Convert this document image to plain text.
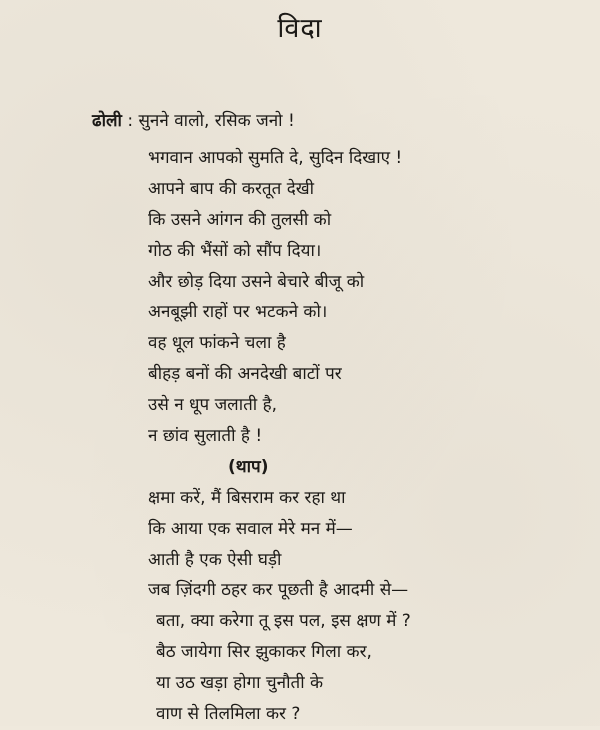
विदा
ढोली : सुनने वालो, रसिक जनो !
भगवान आपको सुमति दे, सुदिन दिखाए !
आपने बाप की करतूत देखी
कि उसने आंगन की तुलसी को
गोठ की भैंसों को सौंप दिया।
और छोड़ दिया उसने बेचारे बीजू को
अनबूझी राहों पर भटकने को।
वह धूल फांकने चला है
बीहड़ बनों की अनदेखी बाटों पर
उसे न धूप जलाती है,
न छांव सुलाती है !
(थाप)
क्षमा करें, मैं बिसराम कर रहा था
कि आया एक सवाल मेरे मन में—
आती है एक ऐसी घड़ी
जब ज़िंदगी ठहर कर पूछती है आदमी से—
बता, क्या करेगा तू इस पल, इस क्षण में ?
बैठ जायेगा सिर झुकाकर गिला कर,
या उठ खड़ा होगा चुनौती के
वाण से तिलमिला कर ?
